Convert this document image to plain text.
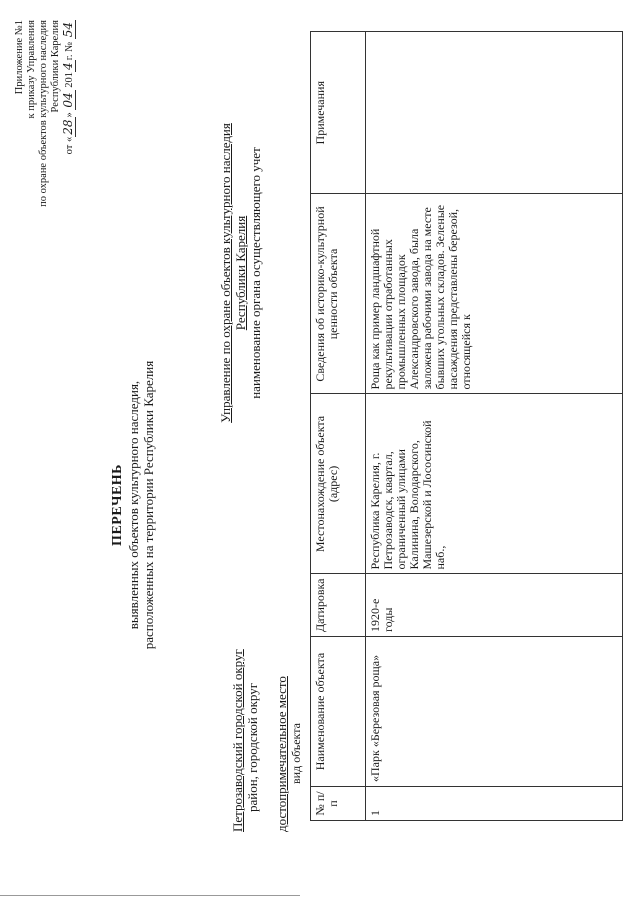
Приложение №1 к приказу Управления по охране объектов культурного наследия Республики Карелия
от «28» 04 2014г. № 54
ПЕРЕЧЕНЬ выявленных объектов культурного наследия, расположенных на территории Республики Карелия
Петрозаводский городской округ район, городской округ достопримечательное место вид объекта
Управление по охране объектов культурного наследия Республики Карелия наименование органа осуществляющего учет
№ п/п	Наименование объекта	Датировка	Местонахождение объекта (адрес)	Сведения об историко-культурной ценности объекта	Примечания
1	«Парк «Березовая роща»	1920-е годы	Республика Карелия, г. Петрозаводск, квартал, ограниченный улицами Калинина, Володарского, Машезерской и Лососинской наб.,	Роща как пример ландшафтной рекультивации отработанных промышленных площадок Александровского завода, была заложена рабочими завода на месте бывших угольных складов. Зеленые насаждения представлены березой, относящейся к	
